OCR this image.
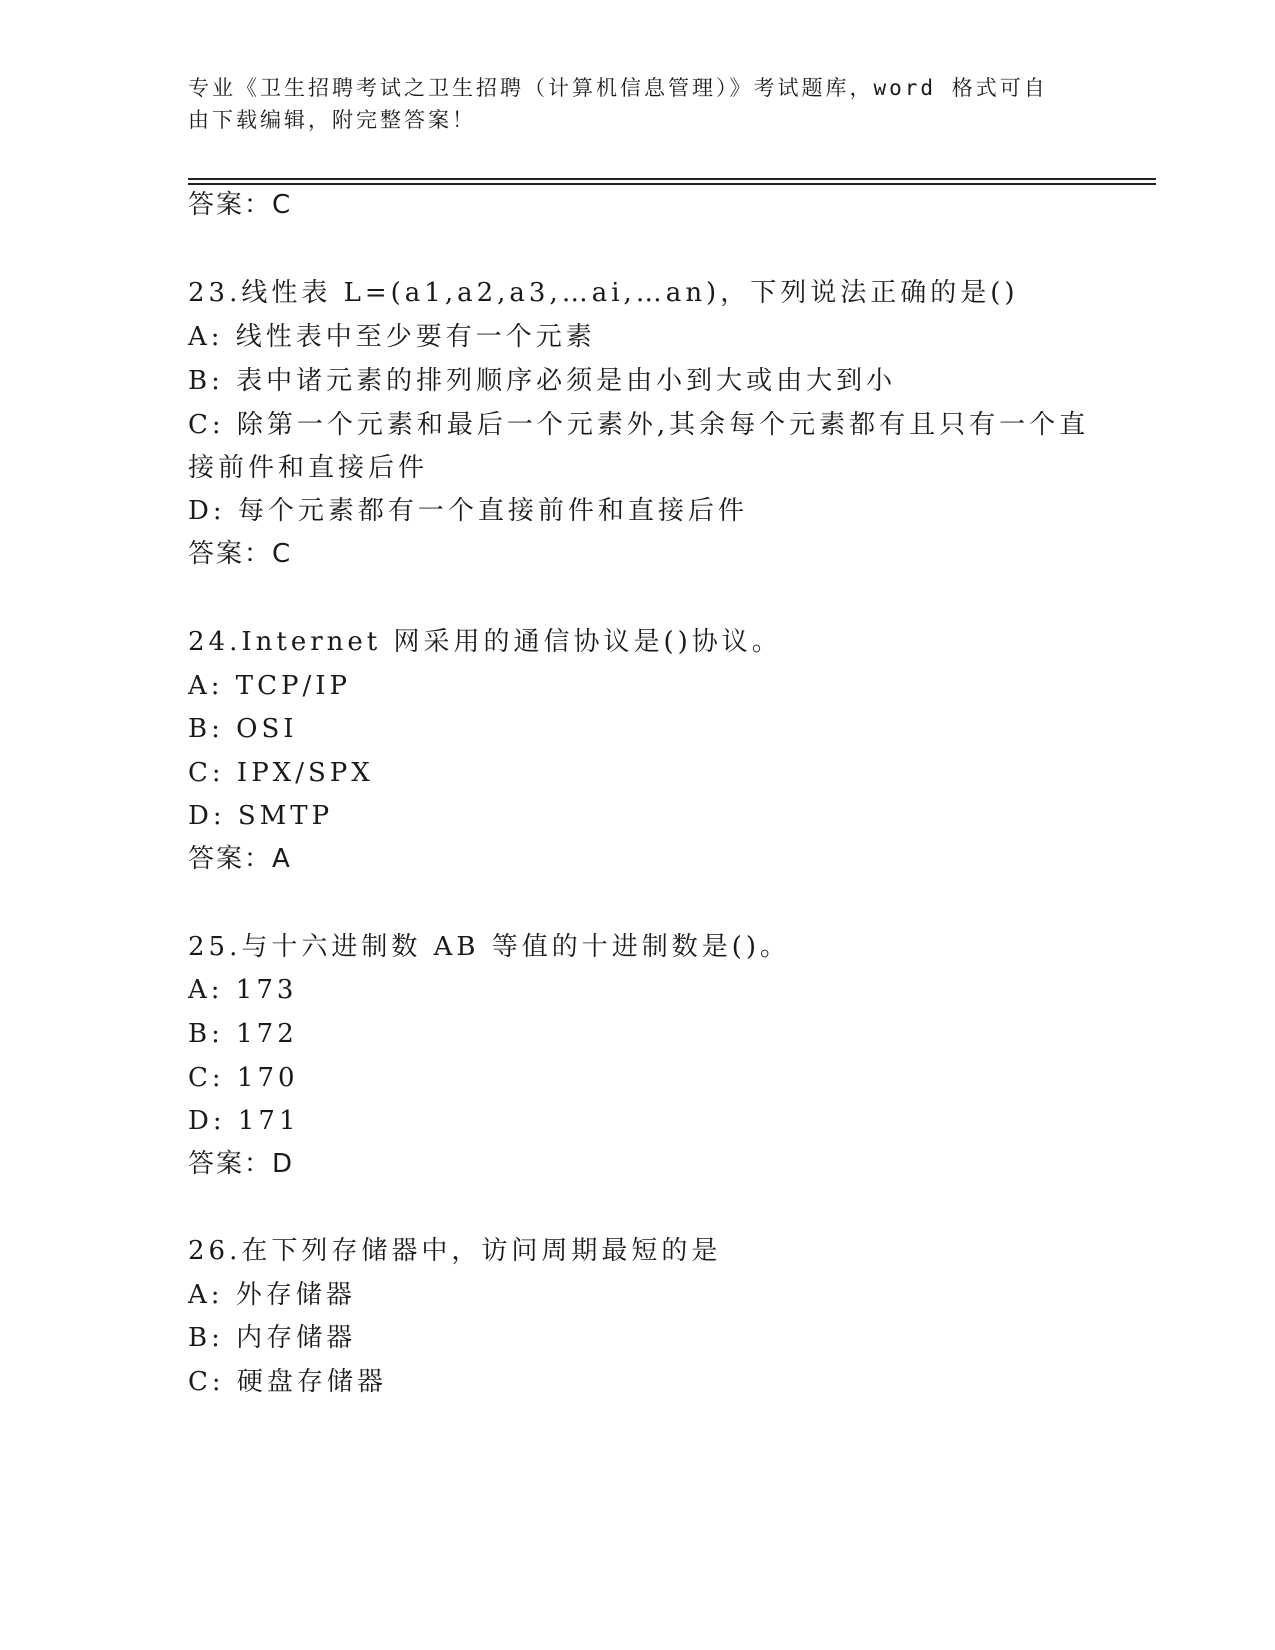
专业《卫生招聘考试之卫生招聘（计算机信息管理）》考试题库，word 格式可自
由下载编辑，附完整答案！
答案：C
23.线性表 L=(a1,a2,a3,…ai,…an)，下列说法正确的是()
A: 线性表中至少要有一个元素
B: 表中诸元素的排列顺序必须是由小到大或由大到小
C: 除第一个元素和最后一个元素外,其余每个元素都有且只有一个直
接前件和直接后件
D: 每个元素都有一个直接前件和直接后件
答案：C
24.Internet 网采用的通信协议是()协议。
A: TCP/IP
B: OSI
C: IPX/SPX
D: SMTP
答案：A
25.与十六进制数 AB 等值的十进制数是()。
A: 173
B: 172
C: 170
D: 171
答案：D
26.在下列存储器中，访问周期最短的是
A: 外存储器
B: 内存储器
C: 硬盘存储器
